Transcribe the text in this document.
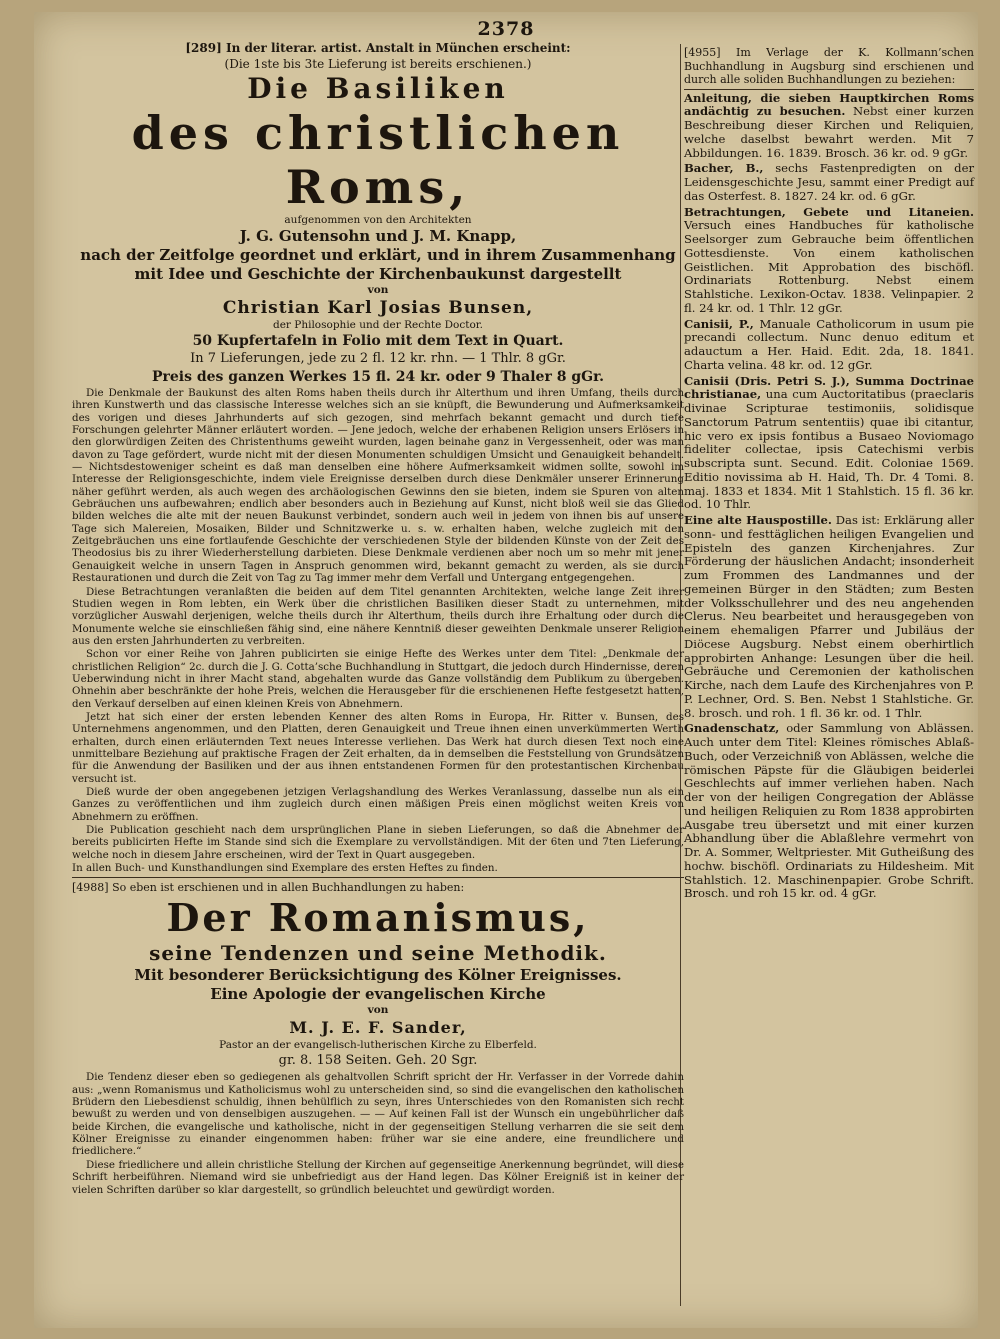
2378

[289] In der literar. artist. Anstalt in München erscheint:

(Die 1ste bis 3te Lieferung ist bereits erschienen.)

Die Basiliken

des christlichen Roms,

aufgenommen von den Architekten

J. G. Gutensohn und J. M. Knapp,

nach der Zeitfolge geordnet und erklärt, und in ihrem Zusammenhang mit Idee und Geschichte der Kirchenbaukunst dargestellt

von

Christian Karl Josias Bunsen,

der Philosophie und der Rechte Doctor.

50 Kupfertafeln in Folio mit dem Text in Quart.

In 7 Lieferungen, jede zu 2 fl. 12 kr. rhn. — 1 Thlr. 8 gGr.

Preis des ganzen Werkes 15 fl. 24 kr. oder 9 Thaler 8 gGr.

Die Denkmale der Baukunst des alten Roms haben theils durch ihr Alterthum und ihren Umfang, theils durch ihren Kunstwerth und das classische Interesse welches sich an sie knüpft, die Bewunderung und Aufmerksamkeit des vorigen und dieses Jahrhunderts auf sich gezogen, sind mehrfach bekannt gemacht und durch tiefe Forschungen gelehrter Männer erläutert worden. — Jene jedoch, welche der erhabenen Religion unsers Erlösers in den glorwürdigen Zeiten des Christenthums geweiht wurden, lagen beinahe ganz in Vergessenheit, oder was man davon zu Tage gefördert, wurde nicht mit der diesen Monumenten schuldigen Umsicht und Genauigkeit behandelt. — Nichtsdestoweniger scheint es daß man denselben eine höhere Aufmerksamkeit widmen sollte, sowohl im Interesse der Religionsgeschichte, indem viele Ereignisse derselben durch diese Denkmäler unserer Erinnerung näher geführt werden, als auch wegen des archäologischen Gewinns den sie bieten, indem sie Spuren von alten Gebräuchen uns aufbewahren; endlich aber besonders auch in Beziehung auf Kunst, nicht bloß weil sie das Glied bilden welches die alte mit der neuen Baukunst verbindet, sondern auch weil in jedem von ihnen bis auf unsere Tage sich Malereien, Mosaiken, Bilder und Schnitzwerke u. s. w. erhalten haben, welche zugleich mit den Zeitgebräuchen uns eine fortlaufende Geschichte der verschiedenen Style der bildenden Künste von der Zeit des Theodosius bis zu ihrer Wiederherstellung darbieten. Diese Denkmale verdienen aber noch um so mehr mit jener Genauigkeit welche in unsern Tagen in Anspruch genommen wird, bekannt gemacht zu werden, als sie durch Restaurationen und durch die Zeit von Tag zu Tag immer mehr dem Verfall und Untergang entgegengehen.

Diese Betrachtungen veranlaßten die beiden auf dem Titel genannten Architekten, welche lange Zeit ihrer Studien wegen in Rom lebten, ein Werk über die christlichen Basiliken dieser Stadt zu unternehmen, mit vorzüglicher Auswahl derjenigen, welche theils durch ihr Alterthum, theils durch ihre Erhaltung oder durch die Monumente welche sie einschließen fähig sind, eine nähere Kenntniß dieser geweihten Denkmale unserer Religion aus den ersten Jahrhunderten zu verbreiten.

Schon vor einer Reihe von Jahren publicirten sie einige Hefte des Werkes unter dem Titel: „Denkmale der christlichen Religion“ 2c. durch die J. G. Cotta’sche Buchhandlung in Stuttgart, die jedoch durch Hindernisse, deren Ueberwindung nicht in ihrer Macht stand, abgehalten wurde das Ganze vollständig dem Publikum zu übergeben. Ohnehin aber beschränkte der hohe Preis, welchen die Herausgeber für die erschienenen Hefte festgesetzt hatten, den Verkauf derselben auf einen kleinen Kreis von Abnehmern.

Jetzt hat sich einer der ersten lebenden Kenner des alten Roms in Europa, Hr. Ritter v. Bunsen, des Unternehmens angenommen, und den Platten, deren Genauigkeit und Treue ihnen einen unverkümmerten Werth erhalten, durch einen erläuternden Text neues Interesse verliehen. Das Werk hat durch diesen Text noch eine unmittelbare Beziehung auf praktische Fragen der Zeit erhalten, da in demselben die Feststellung von Grundsätzen für die Anwendung der Basiliken und der aus ihnen entstandenen Formen für den protestantischen Kirchenbau versucht ist.

Dieß wurde der oben angegebenen jetzigen Verlagshandlung des Werkes Veranlassung, dasselbe nun als ein Ganzes zu veröffentlichen und ihm zugleich durch einen mäßigen Preis einen möglichst weiten Kreis von Abnehmern zu eröffnen.

Die Publication geschieht nach dem ursprünglichen Plane in sieben Lieferungen, so daß die Abnehmer der bereits publicirten Hefte im Stande sind sich die Exemplare zu vervollständigen. Mit der 6ten und 7ten Lieferung, welche noch in diesem Jahre erscheinen, wird der Text in Quart ausgegeben.

In allen Buch- und Kunsthandlungen sind Exemplare des ersten Heftes zu finden.

[4988] So eben ist erschienen und in allen Buchhandlungen zu haben:

Der Romanismus,

seine Tendenzen und seine Methodik.

Mit besonderer Berücksichtigung des Kölner Ereignisses.

Eine Apologie der evangelischen Kirche

von

M. J. E. F. Sander,

Pastor an der evangelisch-lutherischen Kirche zu Elberfeld.

gr. 8. 158 Seiten. Geh. 20 Sgr.

Die Tendenz dieser eben so gediegenen als gehaltvollen Schrift spricht der Hr. Verfasser in der Vorrede dahin aus: „wenn Romanismus und Katholicismus wohl zu unterscheiden sind, so sind die evangelischen den katholischen Brüdern den Liebesdienst schuldig, ihnen behülflich zu seyn, ihres Unterschiedes von den Romanisten sich recht bewußt zu werden und von denselbigen auszugehen. — — Auf keinen Fall ist der Wunsch ein ungebührlicher daß beide Kirchen, die evangelische und katholische, nicht in der gegenseitigen Stellung verharren die sie seit dem Kölner Ereignisse zu einander eingenommen haben: früher war sie eine andere, eine freundlichere und friedlichere.“

Diese friedlichere und allein christliche Stellung der Kirchen auf gegenseitige Anerkennung begründet, will diese Schrift herbeiführen. Niemand wird sie unbefriedigt aus der Hand legen. Das Kölner Ereigniß ist in keiner der vielen Schriften darüber so klar dargestellt, so gründlich beleuchtet und gewürdigt worden.

[4955] Im Verlage der K. Kollmann’schen Buchhandlung in Augsburg sind erschienen und durch alle soliden Buchhandlungen zu beziehen:

Anleitung, die sieben Hauptkirchen Roms andächtig zu besuchen. Nebst einer kurzen Beschreibung dieser Kirchen und Reliquien, welche daselbst bewahrt werden. Mit 7 Abbildungen. 16. 1839. Brosch. 36 kr. od. 9 gGr.

Bacher, B., sechs Fastenpredigten on der Leidensgeschichte Jesu, sammt einer Predigt auf das Osterfest. 8. 1827. 24 kr. od. 6 gGr.

Betrachtungen, Gebete und Litaneien. Versuch eines Handbuches für katholische Seelsorger zum Gebrauche beim öffentlichen Gottesdienste. Von einem katholischen Geistlichen. Mit Approbation des bischöfl. Ordinariats Rottenburg. Nebst einem Stahlstiche. Lexikon-Octav. 1838. Velinpapier. 2 fl. 24 kr. od. 1 Thlr. 12 gGr.

Canisii, P., Manuale Catholicorum in usum pie precandi collectum. Nunc denuo editum et adauctum a Her. Haid. Edit. 2da, 18. 1841. Charta velina. 48 kr. od. 12 gGr.

Canisii (Dris. Petri S. J.), Summa Doctrinae christianae, una cum Auctoritatibus (praeclaris divinae Scripturae testimoniis, solidisque Sanctorum Patrum sententiis) quae ibi citantur, hic vero ex ipsis fontibus a Busaeo Noviomago fideliter collectae, ipsis Catechismi verbis subscripta sunt. Secund. Edit. Coloniae 1569. Editio novissima ab H. Haid, Th. Dr. 4 Tomi. 8. maj. 1833 et 1834. Mit 1 Stahlstich. 15 fl. 36 kr. od. 10 Thlr.

Eine alte Hauspostille. Das ist: Erklärung aller sonn- und festtäglichen heiligen Evangelien und Episteln des ganzen Kirchenjahres. Zur Förderung der häuslichen Andacht; insonderheit zum Frommen des Landmannes und der gemeinen Bürger in den Städten; zum Besten der Volksschullehrer und des neu angehenden Clerus. Neu bearbeitet und herausgegeben von einem ehemaligen Pfarrer und Jubiläus der Diöcese Augsburg. Nebst einem oberhirtlich approbirten Anhange: Lesungen über die heil. Gebräuche und Ceremonien der katholischen Kirche, nach dem Laufe des Kirchenjahres von P. P. Lechner, Ord. S. Ben. Nebst 1 Stahlstiche. Gr. 8. brosch. und roh. 1 fl. 36 kr. od. 1 Thlr.

Gnadenschatz, oder Sammlung von Ablässen. Auch unter dem Titel: Kleines römisches Ablaß-Buch, oder Verzeichniß von Ablässen, welche die römischen Päpste für die Gläubigen beiderlei Geschlechts auf immer verliehen haben. Nach der von der heiligen Congregation der Ablässe und heiligen Reliquien zu Rom 1838 approbirten Ausgabe treu übersetzt und mit einer kurzen Abhandlung über die Ablaßlehre vermehrt von Dr. A. Sommer, Weltpriester. Mit Gutheißung des hochw. bischöfl. Ordinariats zu Hildesheim. Mit Stahlstich. 12. Maschinenpapier. Grobe Schrift. Brosch. und roh 15 kr. od. 4 gGr.
